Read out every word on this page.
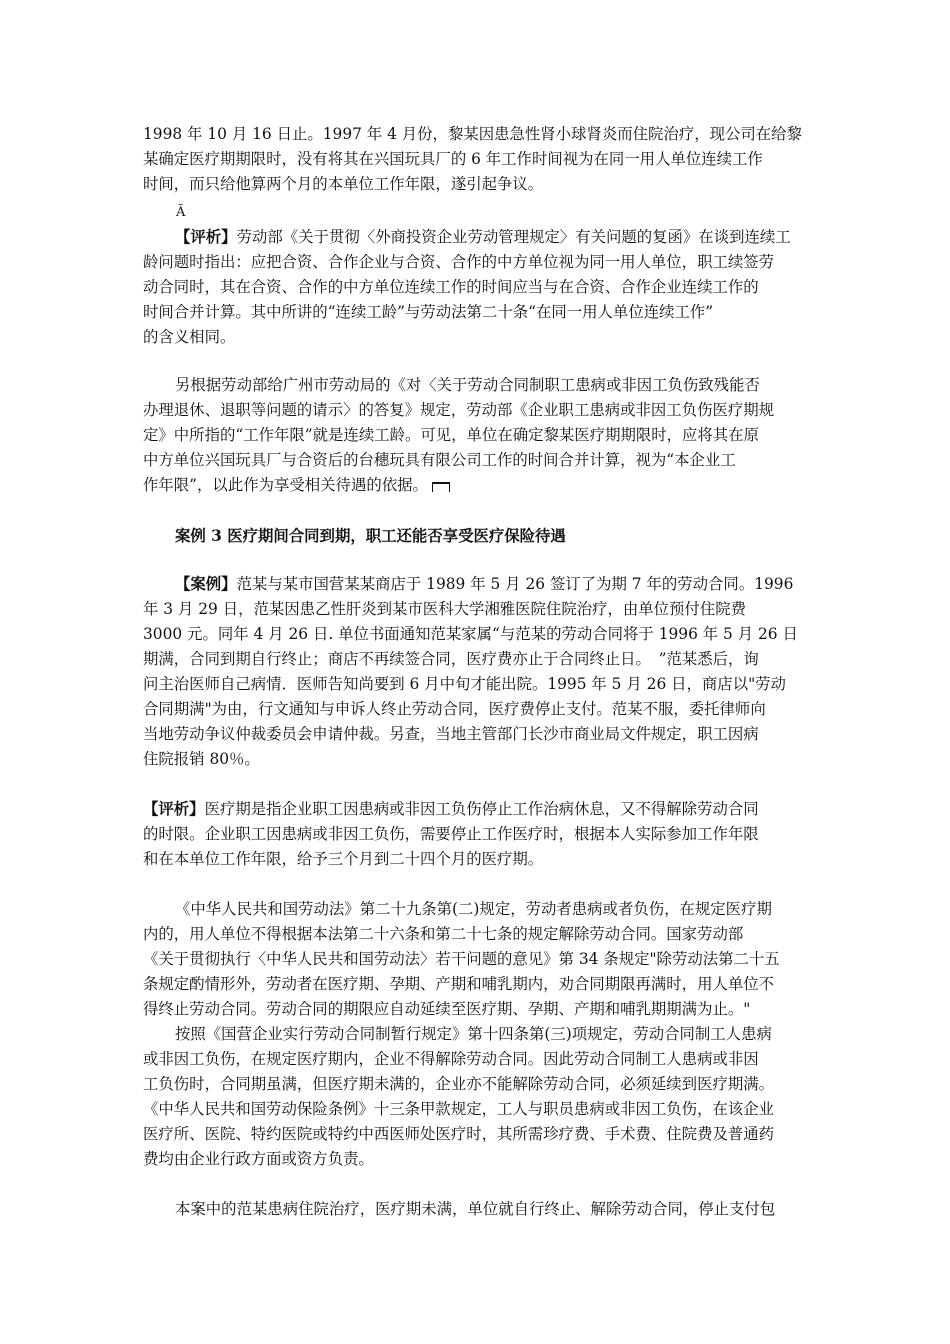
1998 年 10 月 16 日止。1997 年 4 月份，黎某因患急性肾小球肾炎而住院治疗，现公司在给黎
某确定医疗期期限时，没有将其在兴国玩具厂的 6 年工作时间视为在同一用人单位连续工作
时间，而只给他算两个月的本单位工作年限，遂引起争议。
Ã
【评析】劳动部《关于贯彻〈外商投资企业劳动管理规定〉有关问题的复函》在谈到连续工
龄问题时指出：应把合资、合作企业与合资、合作的中方单位视为同一用人单位，职工续签劳
动合同时，其在合资、合作的中方单位连续工作的时间应当与在合资、合作企业连续工作的
时间合并计算。其中所讲的“连续工龄”与劳动法第二十条“在同一用人单位连续工作”
的含义相同。
另根据劳动部给广州市劳动局的《对〈关于劳动合同制职工患病或非因工负伤致残能否
办理退休、退职等问题的请示〉的答复》规定，劳动部《企业职工患病或非因工负伤医疗期规
定》中所指的“工作年限”就是连续工龄。可见，单位在确定黎某医疗期期限时，应将其在原
中方单位兴国玩具厂与合资后的台穗玩具有限公司工作的时间合并计算，视为“本企业工
作年限”，以此作为享受相关待遇的依据。
案例 3 医疗期间合同到期，职工还能否享受医疗保险待遇
【案例】范某与某市国营某某商店于 1989 年 5 月 26 签订了为期 7 年的劳动合同。1996
年 3 月 29 日，范某因患乙性肝炎到某市医科大学湘雅医院住院治疗，由单位预付住院费
3000 元。同年 4 月 26 日. 单位书面通知范某家属“与范某的劳动合同将于 1996 年 5 月 26 日
期满，合同到期自行终止；商店不再续签合同，医疗费亦止于合同终止日。　”范某悉后，询
问主治医师自己病情．医师告知尚要到 6 月中旬才能出院。1995 年 5 月 26 日，商店以"劳动
合同期满"为由，行文通知与申诉人终止劳动合同，医疗费停止支付。范某不服，委托律师向
当地劳动争议仲裁委员会申请仲裁。另查，当地主管部门长沙市商业局文件规定，职工因病
住院报销 80％。
【评析】医疗期是指企业职工因患病或非因工负伤停止工作治病休息，又不得解除劳动合同
的时限。企业职工因患病或非因工负伤，需要停止工作医疗时，根据本人实际参加工作年限
和在本单位工作年限，给予三个月到二十四个月的医疗期。
《中华人民共和国劳动法》第二十九条第(二)规定，劳动者患病或者负伤，在规定医疗期
内的，用人单位不得根据本法第二十六条和第二十七条的规定解除劳动合同。国家劳动部
《关于贯彻执行〈中华人民共和国劳动法〉若干问题的意见》第 34 条规定"除劳动法第二十五
条规定酌情形外，劳动者在医疗期、孕期、产期和哺乳期内，劝合同期限再满时，用人单位不
得终止劳动合同。劳动合同的期限应自动延续至医疗期、孕期、产期和哺乳期期满为止。"
按照《国营企业实行劳动合同制暂行规定》第十四条第(三)项规定，劳动合同制工人患病
或非因工负伤，在规定医疗期内，企业不得解除劳动合同。因此劳动合同制工人患病或非因
工负伤时，合同期虽满，但医疗期未满的，企业亦不能解除劳动合同，必须延续到医疗期满。
《中华人民共和国劳动保险条例》十三条甲款规定，工人与职员患病或非因工负伤，在该企业
医疗所、医院、特约医院或特约中西医师处医疗时，其所需珍疗费、手术费、住院费及普通药
费均由企业行政方面或资方负责。
本案中的范某患病住院治疗，医疗期未满，单位就自行终止、解除劳动合同，停止支付包
